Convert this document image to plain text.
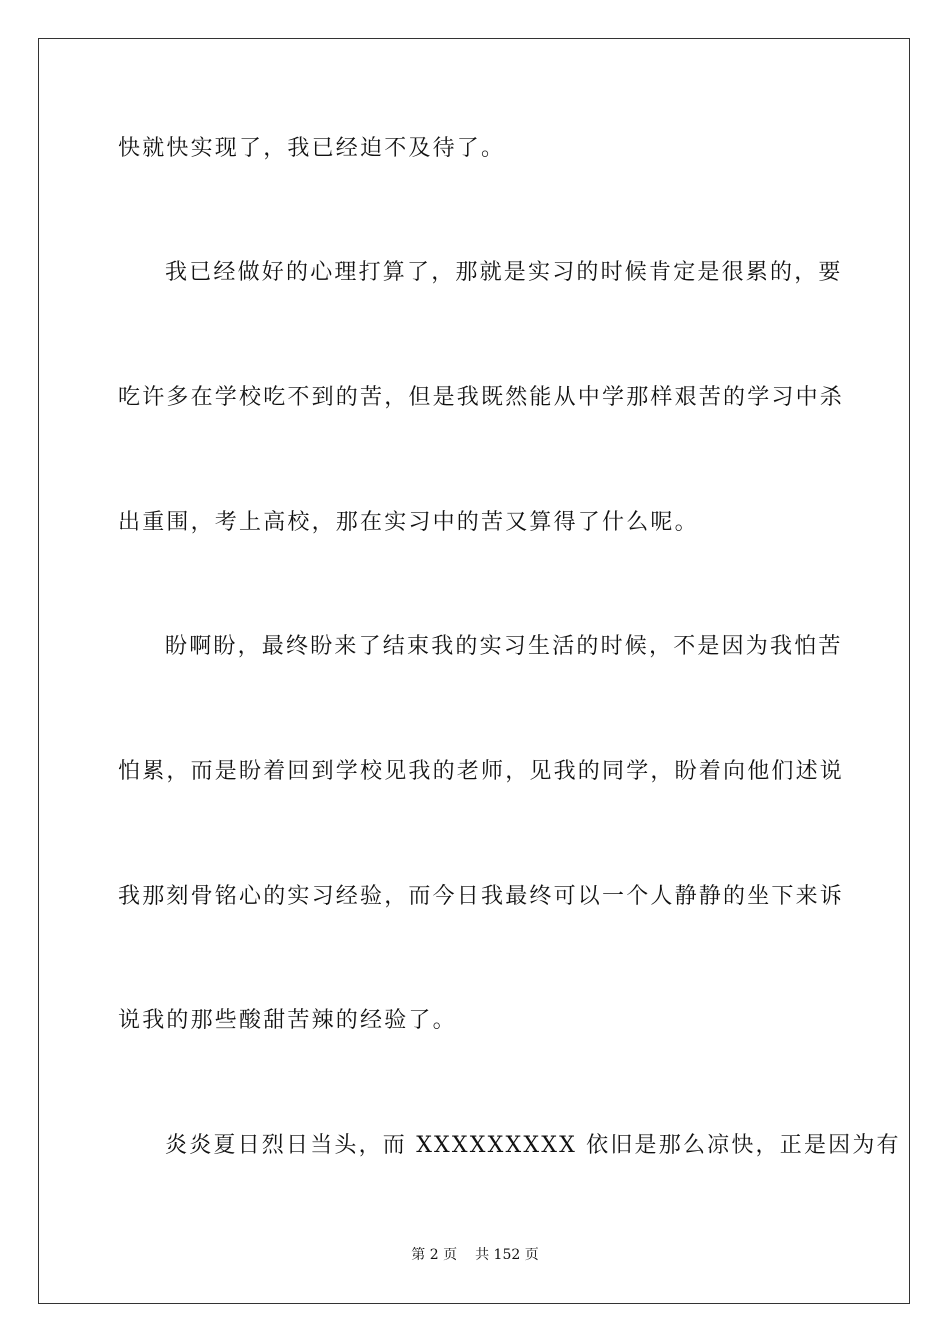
快就快实现了，我已经迫不及待了。
我已经做好的心理打算了，那就是实习的时候肯定是很累的，要
吃许多在学校吃不到的苦，但是我既然能从中学那样艰苦的学习中杀
出重围，考上高校，那在实习中的苦又算得了什么呢。
盼啊盼，最终盼来了结束我的实习生活的时候，不是因为我怕苦
怕累，而是盼着回到学校见我的老师，见我的同学，盼着向他们述说
我那刻骨铭心的实习经验，而今日我最终可以一个人静静的坐下来诉
说我的那些酸甜苦辣的经验了。
炎炎夏日烈日当头，而 XXXXXXXXX 依旧是那么凉快，正是因为有
第 2 页 共 152 页
